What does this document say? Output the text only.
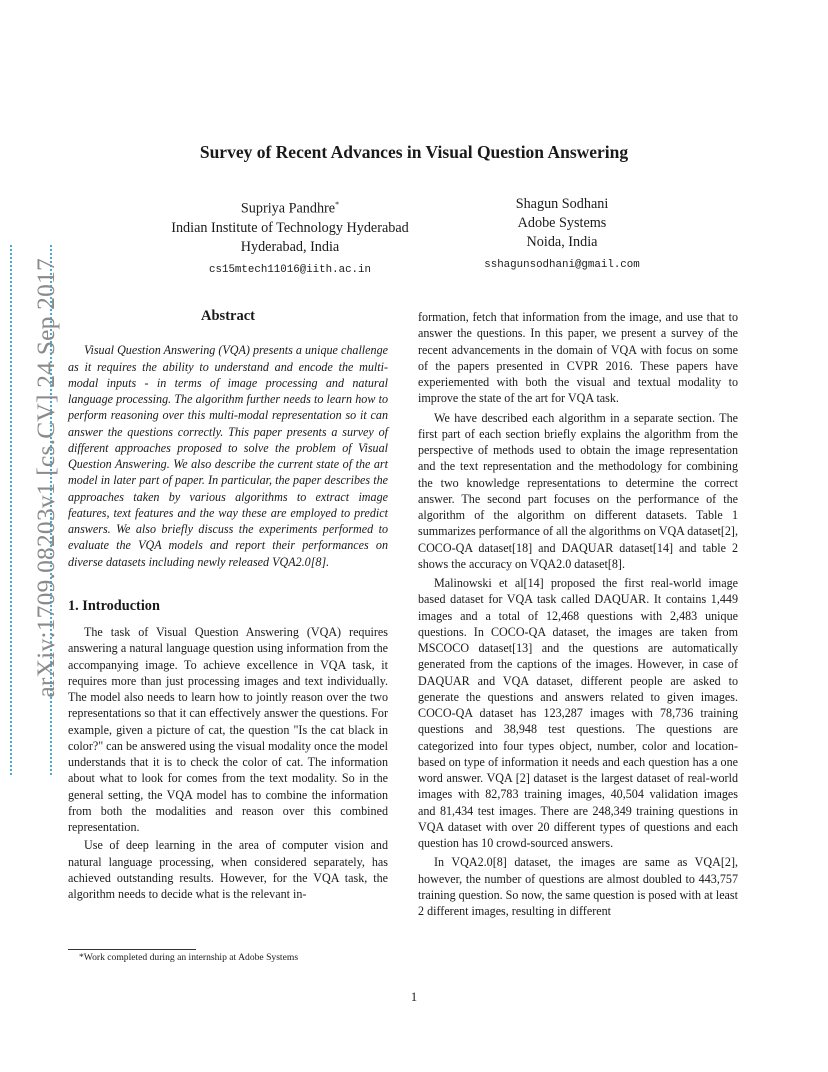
arXiv:1709.08203v1 [cs.CV] 24 Sep 2017
Survey of Recent Advances in Visual Question Answering
Supriya Pandhre*
Indian Institute of Technology Hyderabad
Hyderabad, India
cs15mtech11016@iith.ac.in
Shagun Sodhani
Adobe Systems
Noida, India
sshagunsodhani@gmail.com
Abstract

Visual Question Answering (VQA) presents a unique challenge as it requires the ability to understand and encode the multi-modal inputs - in terms of image processing and natural language processing. The algorithm further needs to learn how to perform reasoning over this multi-modal representation so it can answer the questions correctly. This paper presents a survey of different approaches proposed to solve the problem of Visual Question Answering. We also describe the current state of the art model in later part of paper. In particular, the paper describes the approaches taken by various algorithms to extract image features, text features and the way these are employed to predict answers. We also briefly discuss the experiments performed to evaluate the VQA models and report their performances on diverse datasets including newly released VQA2.0[8].

1. Introduction

The task of Visual Question Answering (VQA) requires answering a natural language question using information from the accompanying image. To achieve excellence in VQA task, it requires more than just processing images and text individually. The model also needs to learn how to jointly reason over the two representations so that it can effectively answer the questions. For example, given a picture of cat, the question "Is the cat black in color?" can be answered using the visual modality once the model understands that it is to check the color of cat. The information about what to look for comes from the text modality. So in the general setting, the VQA model has to combine the information from both the modalities and reason over this combined representation.

Use of deep learning in the area of computer vision and natural language processing, when considered separately, has achieved outstanding results. However, for the VQA task, the algorithm needs to decide what is the relevant in-

formation, fetch that information from the image, and use that to answer the questions. In this paper, we present a survey of the recent advancements in the domain of VQA with focus on some of the papers presented in CVPR 2016. These papers have experiemented with both the visual and textual modality to improve the state of the art for VQA task.

We have described each algorithm in a separate section. The first part of each section briefly explains the algorithm from the perspective of methods used to obtain the image representation and the text representation and the methodology for combining the two knowledge representations to determine the correct answer. The second part focuses on the performance of the algorithm of the algorithm on different datasets. Table 1 summarizes performance of all the algorithms on VQA dataset[2], COCO-QA dataset[18] and DAQUAR dataset[14] and table 2 shows the accuracy on VQA2.0 dataset[8].

Malinowski et al[14] proposed the first real-world image based dataset for VQA task called DAQUAR. It contains 1,449 images and a total of 12,468 questions with 2,483 unique questions. In COCO-QA dataset, the images are taken from MSCOCO dataset[13] and the questions are automatically generated from the captions of the images. However, in case of DAQUAR and VQA dataset, different people are asked to generate the questions and answers related to given images. COCO-QA dataset has 123,287 images with 78,736 training questions and 38,948 test questions. The questions are categorized into four types object, number, color and location-based on type of information it needs and each question has a one word answer. VQA [2] dataset is the largest dataset of real-world images with 82,783 training images, 40,504 validation images and 81,434 test images. There are 248,349 training questions in VQA dataset with over 20 different types of questions and each question has 10 crowd-sourced answers.

In VQA2.0[8] dataset, the images are same as VQA[2], however, the number of questions are almost doubled to 443,757 training question. So now, the same question is posed with at least 2 different images, resulting in different

*Work completed during an internship at Adobe Systems
1
